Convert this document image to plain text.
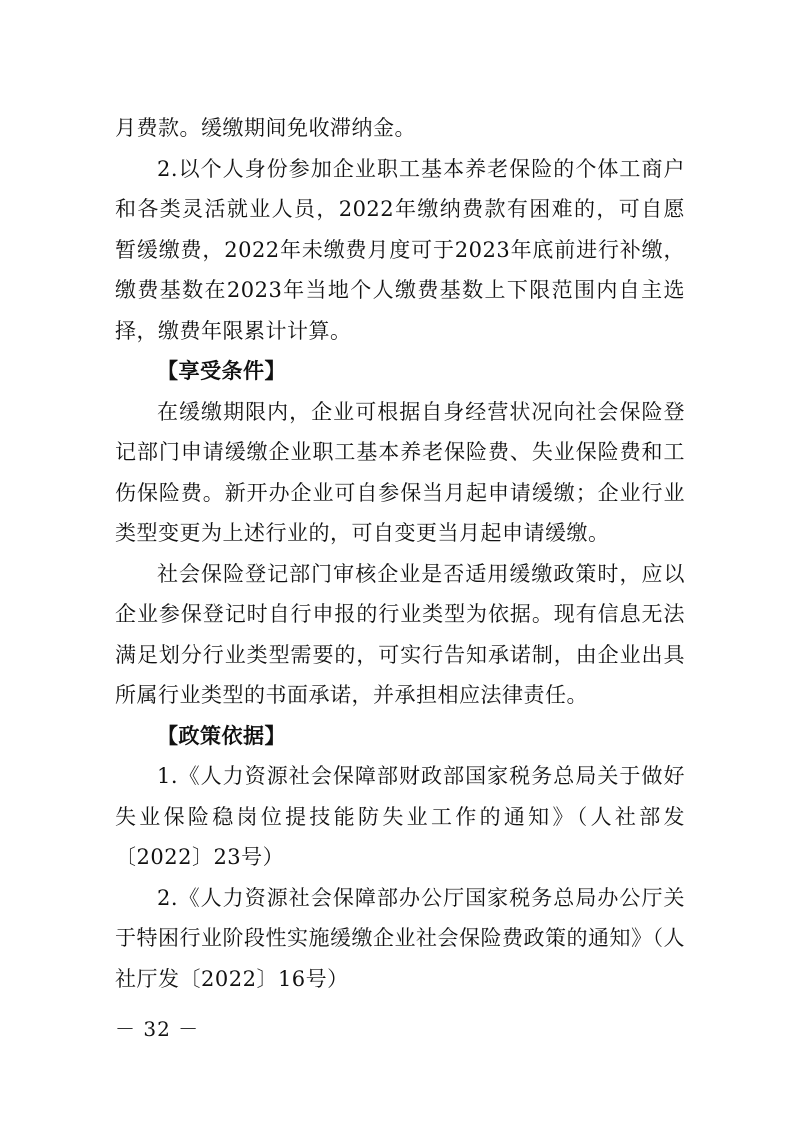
月费款。缓缴期间免收滞纳金。

2.以个人身份参加企业职工基本养老保险的个体工商户和各类灵活就业人员，2022年缴纳费款有困难的，可自愿暂缓缴费，2022年未缴费月度可于2023年底前进行补缴，缴费基数在2023年当地个人缴费基数上下限范围内自主选择，缴费年限累计计算。

【享受条件】

在缓缴期限内，企业可根据自身经营状况向社会保险登记部门申请缓缴企业职工基本养老保险费、失业保险费和工伤保险费。新开办企业可自参保当月起申请缓缴；企业行业类型变更为上述行业的，可自变更当月起申请缓缴。

社会保险登记部门审核企业是否适用缓缴政策时，应以企业参保登记时自行申报的行业类型为依据。现有信息无法满足划分行业类型需要的，可实行告知承诺制，由企业出具所属行业类型的书面承诺，并承担相应法律责任。

【政策依据】

1.《人力资源社会保障部财政部国家税务总局关于做好失业保险稳岗位提技能防失业工作的通知》（人社部发〔2022〕23号）

2.《人力资源社会保障部办公厅国家税务总局办公厅关于特困行业阶段性实施缓缴企业社会保险费政策的通知》（人社厅发〔2022〕16号）

－ 32 －
